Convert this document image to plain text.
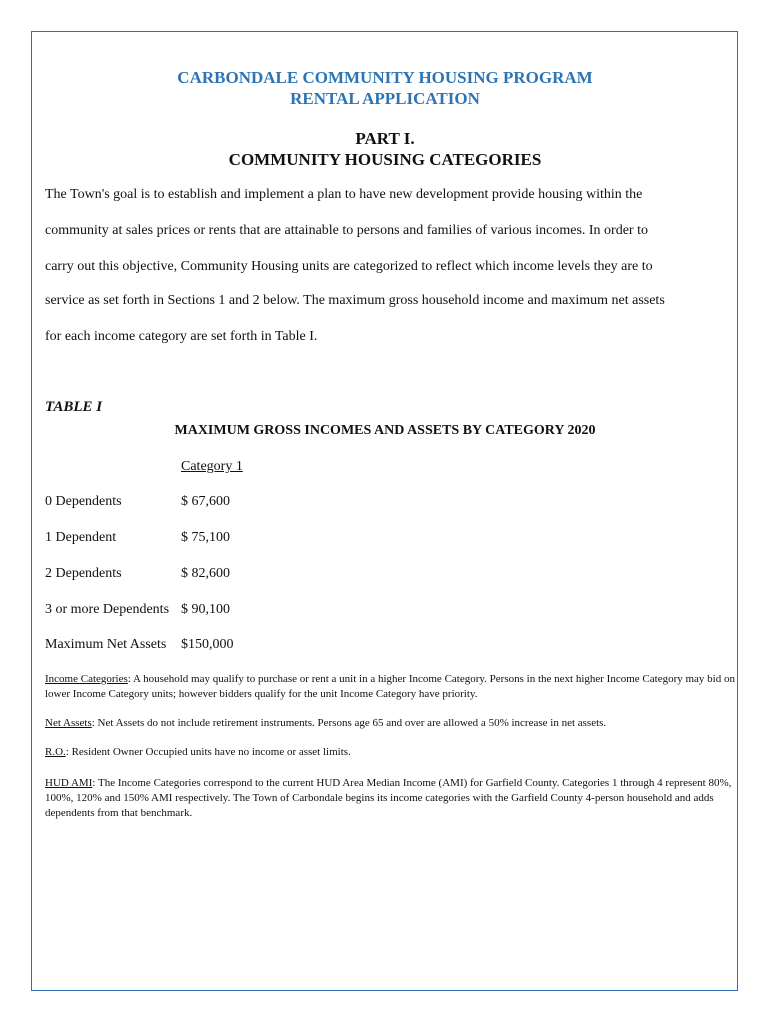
CARBONDALE COMMUNITY HOUSING PROGRAM
RENTAL APPLICATION
PART I.
COMMUNITY HOUSING CATEGORIES

The Town's goal is to establish and implement a plan to have new development provide housing within the

community at sales prices or rents that are attainable to persons and families of various incomes. In order to

carry out this objective, Community Housing units are categorized to reflect which income levels they are to

service as set forth in Sections 1 and 2 below. The maximum gross household income and maximum net assets

for each income category are set forth in Table I.

TABLE I
MAXIMUM GROSS INCOMES AND ASSETS BY CATEGORY 2020
Category 1
0 Dependents	$ 67,600
1 Dependent	$ 75,100
2 Dependents	$ 82,600
3 or more Dependents $ 90,100
Maximum Net Assets $150,000

Income Categories: A household may qualify to purchase or rent a unit in a higher Income Category. Persons in the next higher Income Category may bid on lower Income Category units; however bidders qualify for the unit Income Category have priority.

Net Assets: Net Assets do not include retirement instruments. Persons age 65 and over are allowed a 50% increase in net assets.

R.O.: Resident Owner Occupied units have no income or asset limits.

HUD AMI: The Income Categories correspond to the current HUD Area Median Income (AMI) for Garfield County. Categories 1 through 4 represent 80%, 100%, 120% and 150% AMI respectively. The Town of Carbondale begins its income categories with the Garfield County 4-person household and adds dependents from that benchmark.
